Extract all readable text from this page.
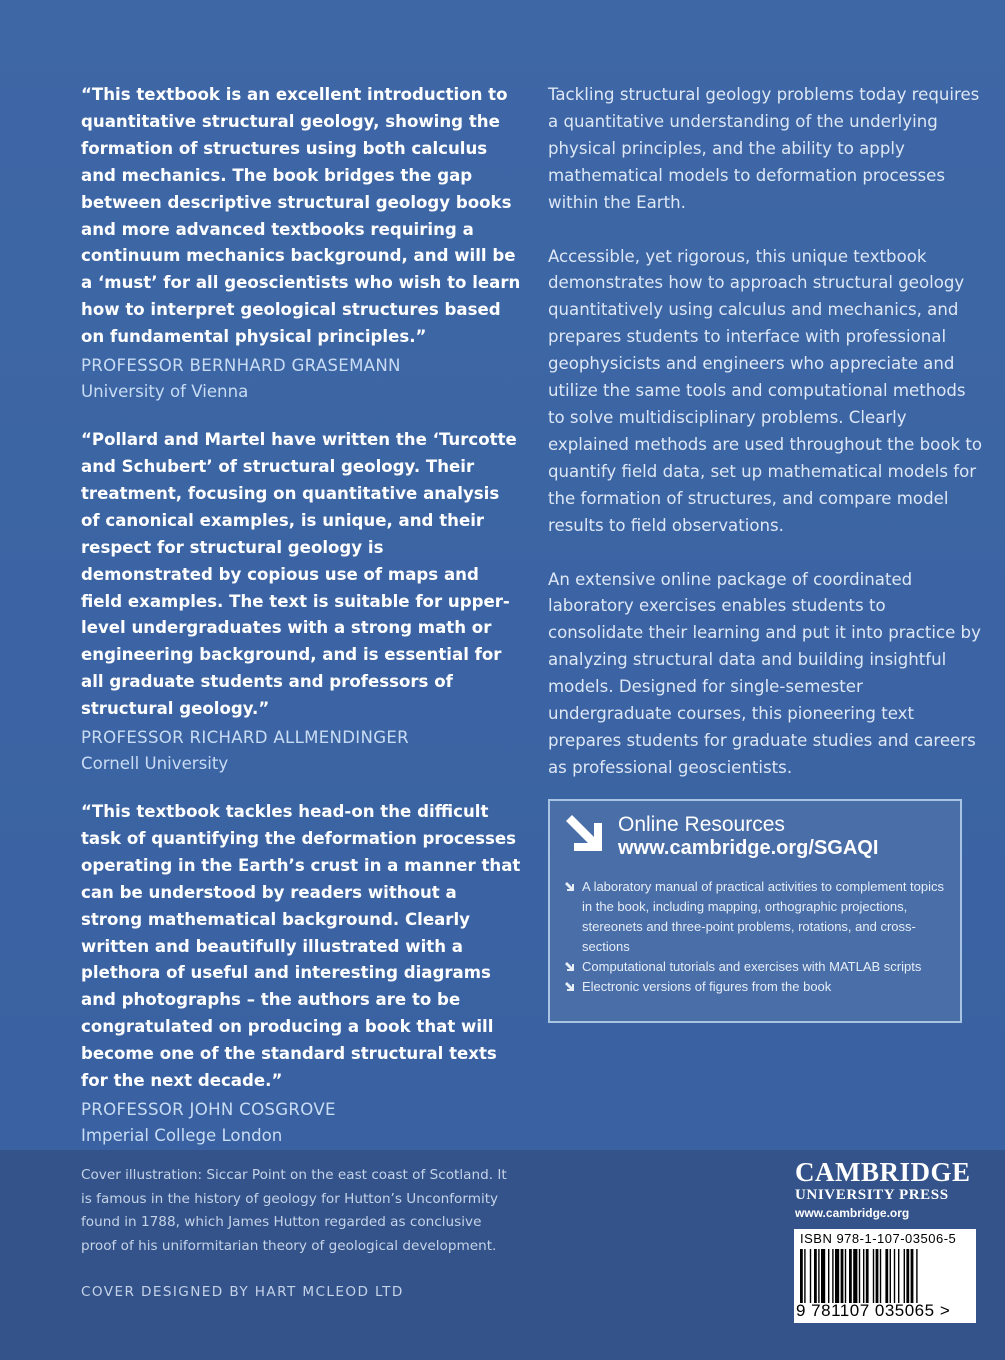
“This textbook is an excellent introduction to quantitative structural geology, showing the formation of structures using both calculus and mechanics. The book bridges the gap between descriptive structural geology books and more advanced textbooks requiring a continuum mechanics background, and will be a ‘must’ for all geoscientists who wish to learn how to interpret geological structures based on fundamental physical principles.”

PROFESSOR BERNHARD GRASEMANN
University of Vienna

“Pollard and Martel have written the ‘Turcotte and Schubert’ of structural geology. Their treatment, focusing on quantitative analysis of canonical examples, is unique, and their respect for structural geology is demonstrated by copious use of maps and field examples. The text is suitable for upper-level undergraduates with a strong math or engineering background, and is essential for all graduate students and professors of structural geology.”

PROFESSOR RICHARD ALLMENDINGER
Cornell University

“This textbook tackles head-on the difficult task of quantifying the deformation processes operating in the Earth’s crust in a manner that can be understood by readers without a strong mathematical background. Clearly written and beautifully illustrated with a plethora of useful and interesting diagrams and photographs – the authors are to be congratulated on producing a book that will become one of the standard structural texts for the next decade.”

PROFESSOR JOHN COSGROVE
Imperial College London

Tackling structural geology problems today requires a quantitative understanding of the underlying physical principles, and the ability to apply mathematical models to deformation processes within the Earth.

Accessible, yet rigorous, this unique textbook demonstrates how to approach structural geology quantitatively using calculus and mechanics, and prepares students to interface with professional geophysicists and engineers who appreciate and utilize the same tools and computational methods to solve multidisciplinary problems. Clearly explained methods are used throughout the book to quantify field data, set up mathematical models for the formation of structures, and compare model results to field observations.

An extensive online package of coordinated laboratory exercises enables students to consolidate their learning and put it into practice by analyzing structural data and building insightful models. Designed for single-semester undergraduate courses, this pioneering text prepares students for graduate studies and careers as professional geoscientists.

Online Resources
www.cambridge.org/SGAQI
A laboratory manual of practical activities to complement topics in the book, including mapping, orthographic projections, stereonets and three-point problems, rotations, and cross-sections
Computational tutorials and exercises with MATLAB scripts
Electronic versions of figures from the book
Cover illustration: Siccar Point on the east coast of Scotland. It is famous in the history of geology for Hutton’s Unconformity found in 1788, which James Hutton regarded as conclusive proof of his uniformitarian theory of geological development.
COVER DESIGNED BY HART MCLEOD LTD
CAMBRIDGE
UNIVERSITY PRESS
www.cambridge.org
ISBN 978-1-107-03506-5
9 781107 035065 >
